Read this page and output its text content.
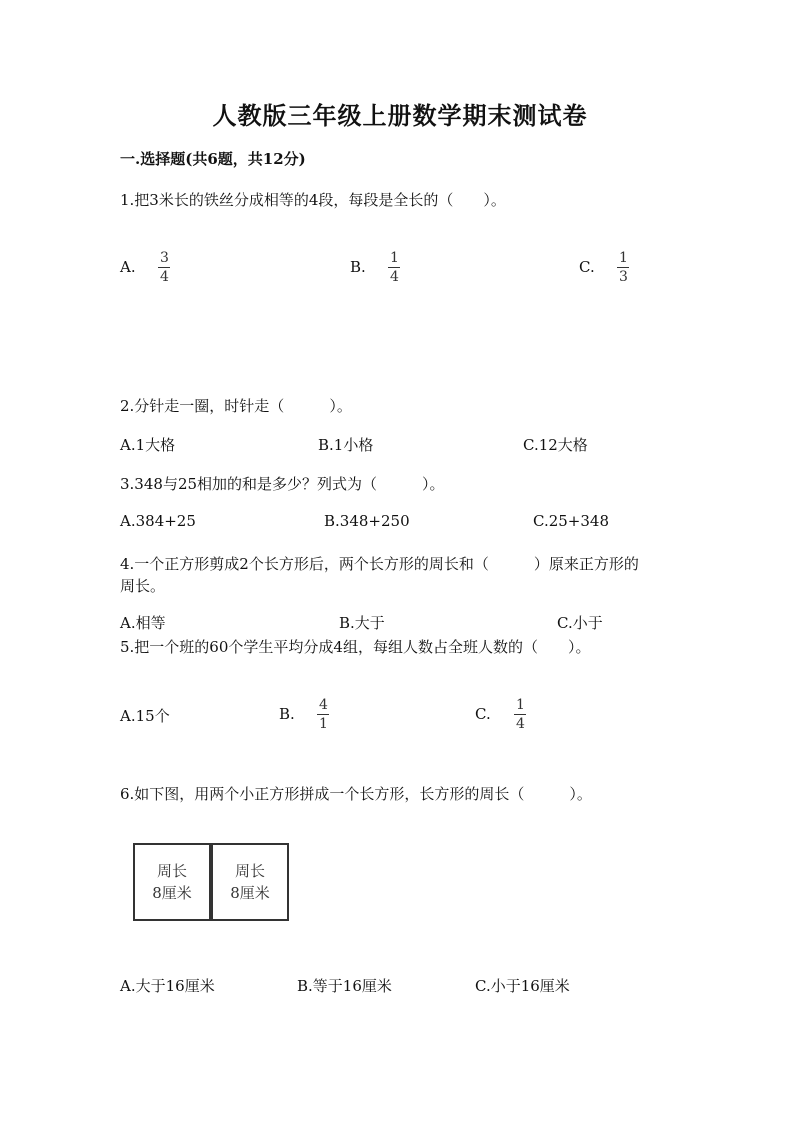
人教版三年级上册数学期末测试卷
一.选择题(共6题，共12分)
1.把3米长的铁丝分成相等的4段，每段是全长的（　　）。
A. 3
4
B. 1
4
C. 1
3
2.分针走一圈，时针走（　　　）。
A.1大格	B.1小格	C.12大格
3.348与25相加的和是多少？列式为（　　　）。
A.384+25	B.348+250	C.25+348
4.一个正方形剪成2个长方形后，两个长方形的周长和（　　　）原来正方形的
周长。
A.相等	B.大于	C.小于
5.把一个班的60个学生平均分成4组，每组人数占全班人数的（　　）。
A.15个	B. 4
1
C. 1
4
6.如下图，用两个小正方形拼成一个长方形，长方形的周长（　　　）。
周长
8厘米
周长
8厘米
A.大于16厘米	B.等于16厘米	C.小于16厘米
